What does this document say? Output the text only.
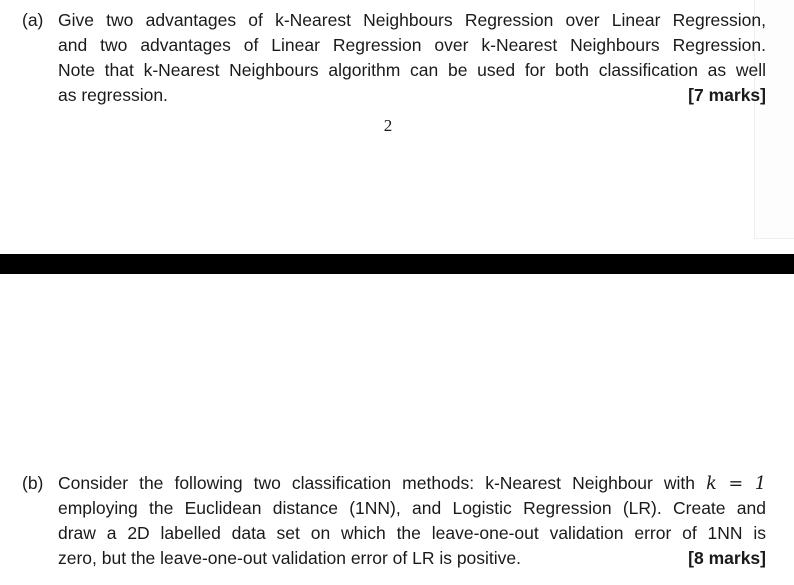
(a) Give two advantages of k-Nearest Neighbours Regression over Linear Regression,
and two advantages of Linear Regression over k-Nearest Neighbours Regression.
Note that k-Nearest Neighbours algorithm can be used for both classification as well
as regression.	[7 marks]
2
(b) Consider the following two classification methods: k-Nearest Neighbour with k = 1
employing the Euclidean distance (1NN), and Logistic Regression (LR). Create and
draw a 2D labelled data set on which the leave-one-out validation error of 1NN is
zero, but the leave-one-out validation error of LR is positive.	[8 marks]
